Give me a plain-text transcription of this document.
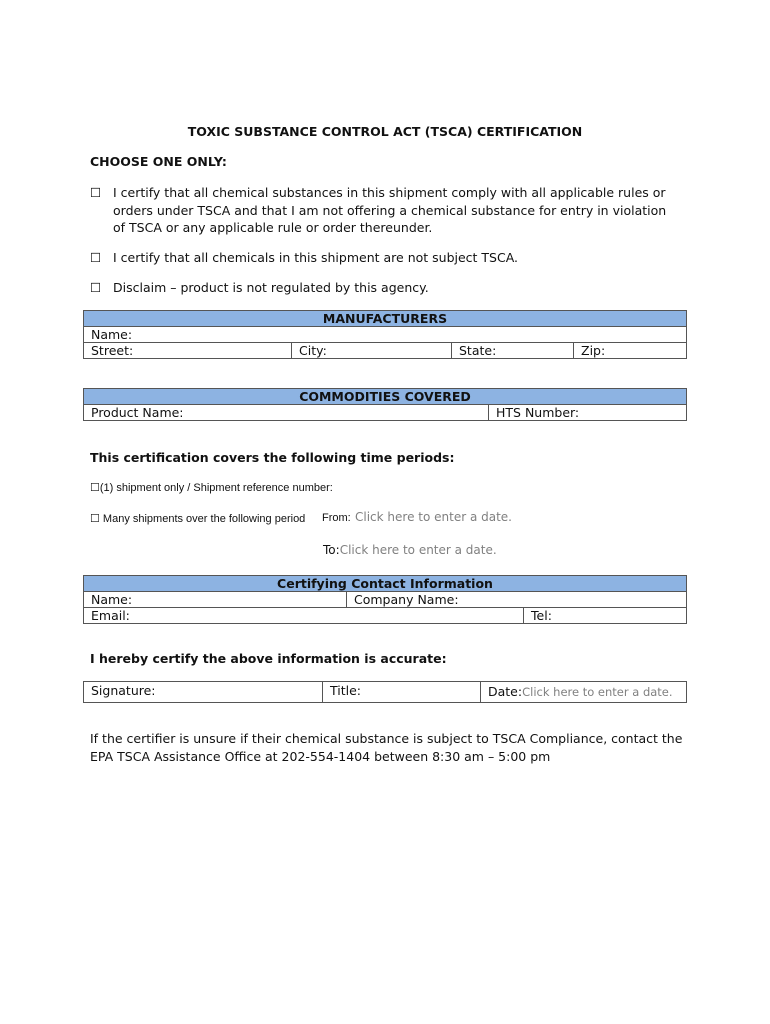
TOXIC SUBSTANCE CONTROL ACT (TSCA) CERTIFICATION
CHOOSE ONE ONLY:
☐ I certify that all chemical substances in this shipment comply with all applicable rules or orders under TSCA and that I am not offering a chemical substance for entry in violation of TSCA or any applicable rule or order thereunder.
☐ I certify that all chemicals in this shipment are not subject TSCA.
☐ Disclaim – product is not regulated by this agency.
MANUFACTURERS
Name:
Street:	City:	State:	Zip:
COMMODITIES COVERED
Product Name:	HTS Number:
This certification covers the following time periods:
☐(1) shipment only / Shipment reference number:
☐ Many shipments over the following period From: Click here to enter a date.
To:Click here to enter a date.
Certifying Contact Information		
Name:	Company Name:	
Email:		Tel:
I hereby certify the above information is accurate:
Signature:	Title:	Date:Click here to enter a date.
If the certifier is unsure if their chemical substance is subject to TSCA Compliance, contact the EPA TSCA Assistance Office at 202-554-1404 between 8:30 am – 5:00 pm
